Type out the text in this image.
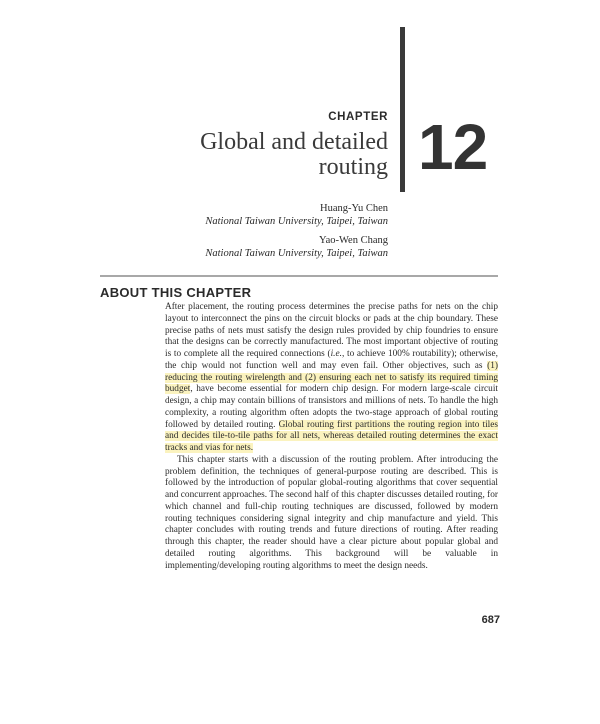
CHAPTER
Global and detailed
routing 12
Huang-Yu Chen
National Taiwan University, Taipei, Taiwan
Yao-Wen Chang
National Taiwan University, Taipei, Taiwan
ABOUT THIS CHAPTER

After placement, the routing process determines the precise paths for nets on the chip layout to interconnect the pins on the circuit blocks or pads at the chip boundary. These precise paths of nets must satisfy the design rules provided by chip foundries to ensure that the designs can be correctly manufactured. The most important objective of routing is to complete all the required connections (i.e., to achieve 100% routability); otherwise, the chip would not function well and may even fail. Other objectives, such as (1) reducing the routing wirelength and (2) ensuring each net to satisfy its required timing budget, have become essential for modern chip design. For modern large-scale circuit design, a chip may contain billions of transistors and millions of nets. To handle the high complexity, a routing algorithm often adopts the two-stage approach of global routing followed by detailed routing. Global routing first partitions the routing region into tiles and decides tile-to-tile paths for all nets, whereas detailed routing determines the exact tracks and vias for nets.

This chapter starts with a discussion of the routing problem. After introducing the problem definition, the techniques of general-purpose routing are described. This is followed by the introduction of popular global-routing algorithms that cover sequential and concurrent approaches. The second half of this chapter discusses detailed routing, for which channel and full-chip routing techniques are discussed, followed by modern routing techniques considering signal integrity and chip manufacture and yield. This chapter concludes with routing trends and future directions of routing. After reading through this chapter, the reader should have a clear picture about popular global and detailed routing algorithms. This background will be valuable in implementing/developing routing algorithms to meet the design needs.

687
